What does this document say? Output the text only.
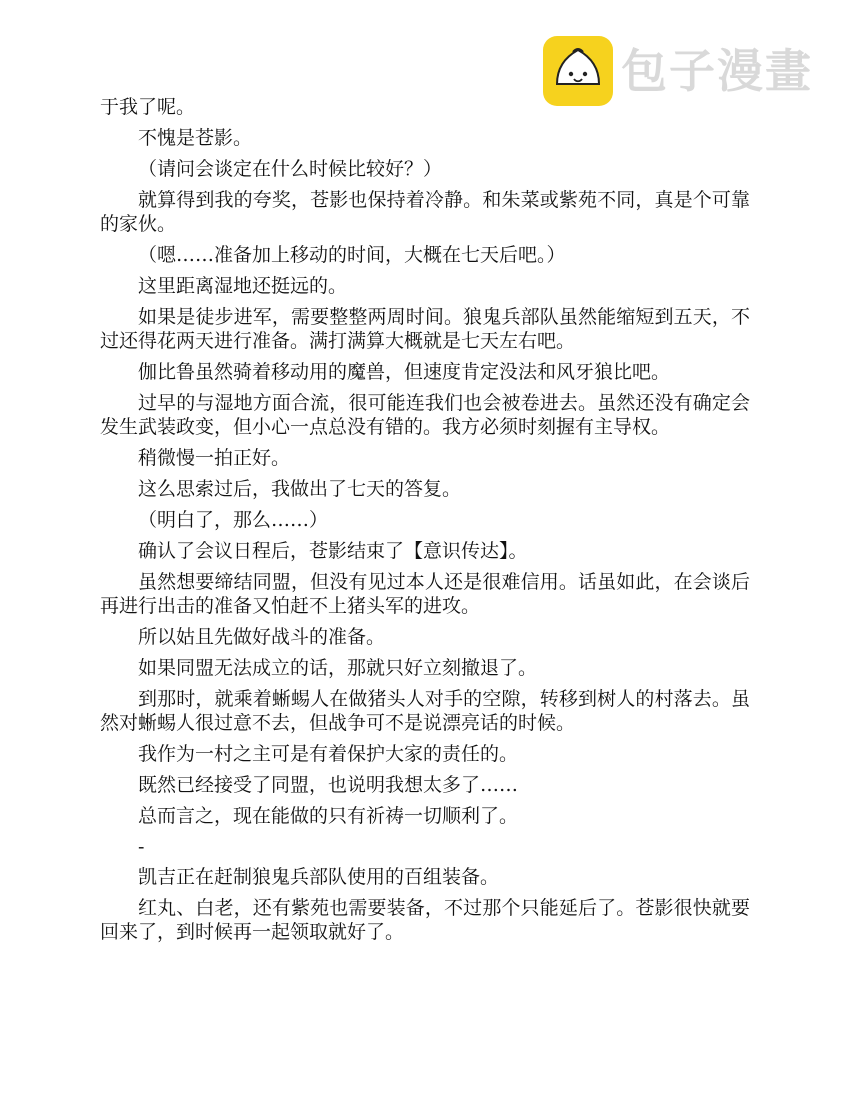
包子漫畫

于我了呢。

不愧是苍影。

（请问会谈定在什么时候比较好？）

就算得到我的夸奖，苍影也保持着冷静。和朱菜或紫苑不同，真是个可靠的家伙。

（嗯……准备加上移动的时间，大概在七天后吧。）

这里距离湿地还挺远的。

如果是徒步进军，需要整整两周时间。狼鬼兵部队虽然能缩短到五天，不过还得花两天进行准备。满打满算大概就是七天左右吧。

伽比鲁虽然骑着移动用的魔兽，但速度肯定没法和风牙狼比吧。

过早的与湿地方面合流，很可能连我们也会被卷进去。虽然还没有确定会发生武装政变，但小心一点总没有错的。我方必须时刻握有主导权。

稍微慢一拍正好。

这么思索过后，我做出了七天的答复。

（明白了，那么……）

确认了会议日程后，苍影结束了【意识传达】。

虽然想要缔结同盟，但没有见过本人还是很难信用。话虽如此，在会谈后再进行出击的准备又怕赶不上猪头军的进攻。

所以姑且先做好战斗的准备。

如果同盟无法成立的话，那就只好立刻撤退了。

到那时，就乘着蜥蜴人在做猪头人对手的空隙，转移到树人的村落去。虽然对蜥蜴人很过意不去，但战争可不是说漂亮话的时候。

我作为一村之主可是有着保护大家的责任的。

既然已经接受了同盟，也说明我想太多了……

总而言之，现在能做的只有祈祷一切顺利了。

-

凯吉正在赶制狼鬼兵部队使用的百组装备。

红丸、白老，还有紫苑也需要装备，不过那个只能延后了。苍影很快就要回来了，到时候再一起领取就好了。
